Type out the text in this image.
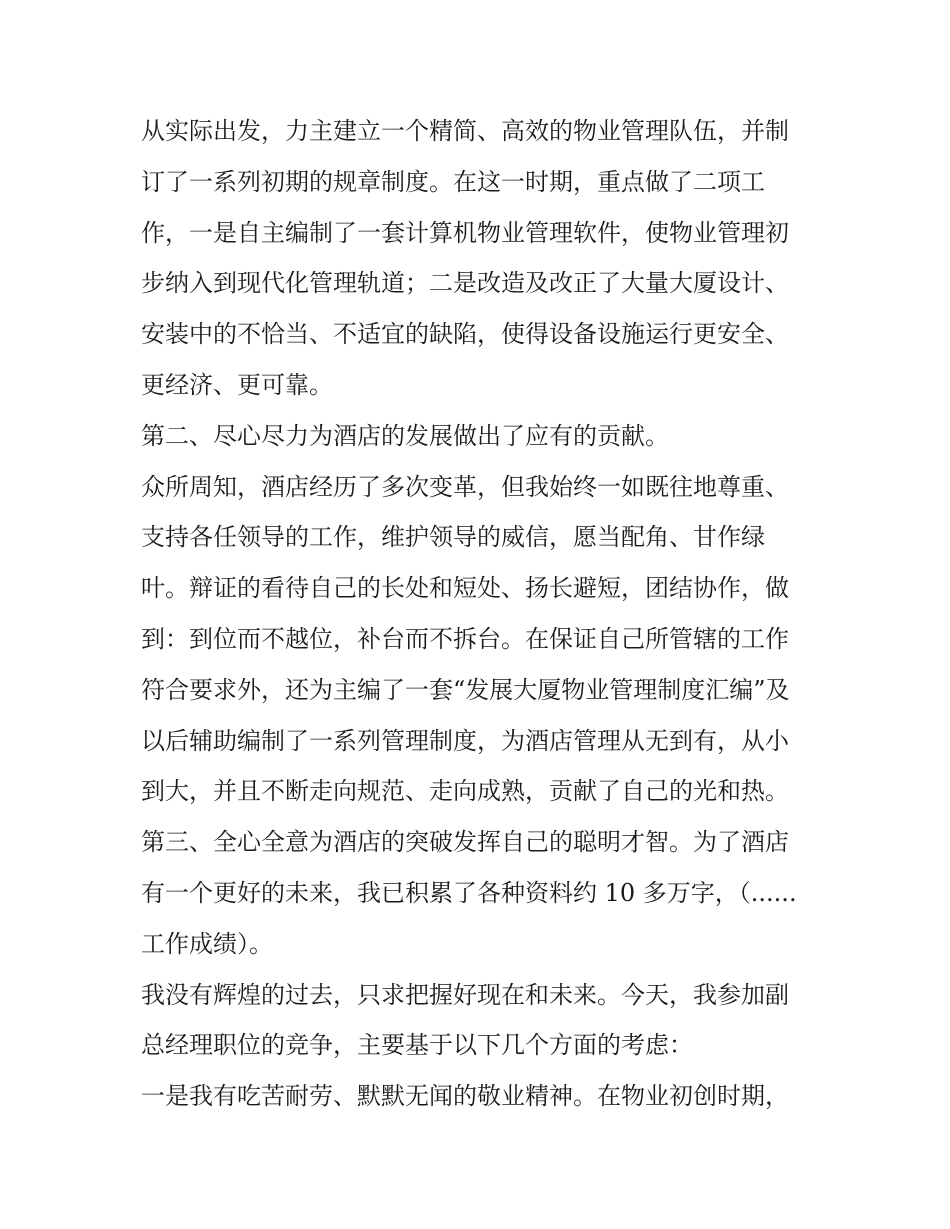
从实际出发，力主建立一个精简、高效的物业管理队伍，并制
订了一系列初期的规章制度。在这一时期，重点做了二项工
作，一是自主编制了一套计算机物业管理软件，使物业管理初
步纳入到现代化管理轨道；二是改造及改正了大量大厦设计、
安装中的不恰当、不适宜的缺陷，使得设备设施运行更安全、
更经济、更可靠。
第二、尽心尽力为酒店的发展做出了应有的贡献。
众所周知，酒店经历了多次变革，但我始终一如既往地尊重、
支持各任领导的工作，维护领导的威信，愿当配角、甘作绿
叶。辩证的看待自己的长处和短处、扬长避短，团结协作，做
到：到位而不越位，补台而不拆台。在保证自己所管辖的工作
符合要求外，还为主编了一套“发展大厦物业管理制度汇编”及
以后辅助编制了一系列管理制度，为酒店管理从无到有，从小
到大，并且不断走向规范、走向成熟，贡献了自己的光和热。
第三、全心全意为酒店的突破发挥自己的聪明才智。为了酒店
有一个更好的未来，我已积累了各种资料约 10 多万字，（......
工作成绩）。
我没有辉煌的过去，只求把握好现在和未来。今天，我参加副
总经理职位的竞争，主要基于以下几个方面的考虑：
一是我有吃苦耐劳、默默无闻的敬业精神。在物业初创时期，
